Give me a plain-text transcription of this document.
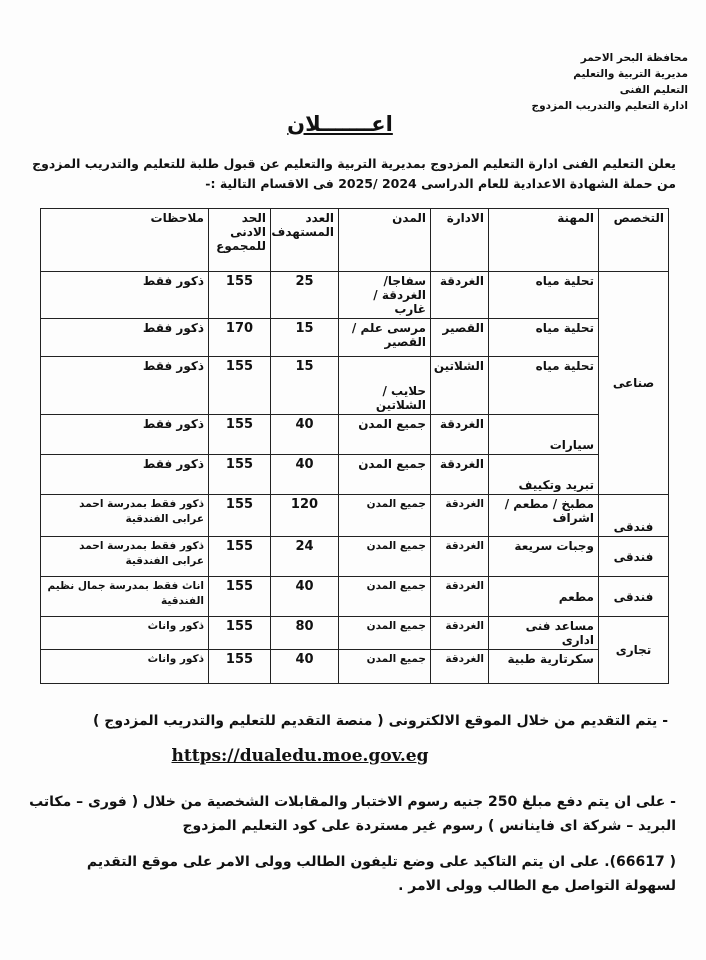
محافظة البحر الاحمر
مديرية التربية والتعليم
التعليم الفنى
ادارة التعليم والتدريب المزدوج
اعـــــــلان
يعلن التعليم الفنى ادارة التعليم المزدوج بمديرية التربية والتعليم عن قبول طلبة للتعليم والتدريب المزدوج من حملة الشهادة الاعدادية للعام الدراسى 2024 /2025 فى الاقسام التالية :-
التخصص	المهنة	الادارة	المدن	العدد المستهدف	الحد الادنى للمجموع	ملاحظات
صناعى	تحلية مياه	الغردقة	سفاجا/ الغردقة /غارب	25	155	ذكور فقط
	تحلية مياه	القصير	مرسى علم /القصير	15	170	ذكور فقط
	تحلية مياه	الشلاتين	حلايب / الشلاتين	15	155	ذكور فقط
	سيارات	الغردقة	جميع المدن	40	155	ذكور فقط
	تبريد وتكييف	الغردقة	جميع المدن	40	155	ذكور فقط
فندقى	مطبخ / مطعم /اشراف	الغردقة	جميع المدن	120	155	ذكور فقط بمدرسة احمد عرابى الفندقية
فندقى	وجبات سريعة	الغردقة	جميع المدن	24	155	ذكور فقط بمدرسة احمد عرابى الفندقية
فندقى	مطعم	الغردقة	جميع المدن	40	155	اناث فقط بمدرسة جمال نظيم الفندقية
تجارى	مساعد فنى ادارى	الغردقة	جميع المدن	80	155	ذكور واناث
	سكرتارية طبية	الغردقة	جميع المدن	40	155	ذكور واناث
- يتم التقديم من خلال الموقع الالكترونى ( منصة التقديم للتعليم والتدريب المزدوج )
https://dualedu.moe.gov.eg
- على ان يتم دفع مبلغ 250 جنيه رسوم الاختبار والمقابلات الشخصية من خلال ( فورى – مكاتب البريد – شركة اى فاينانس ) رسوم غير مستردة على كود التعليم المزدوج
( 66617). على ان يتم التاكيد على وضع تليفون الطالب وولى الامر على موقع التقديم لسهولة التواصل مع الطالب وولى الامر .
